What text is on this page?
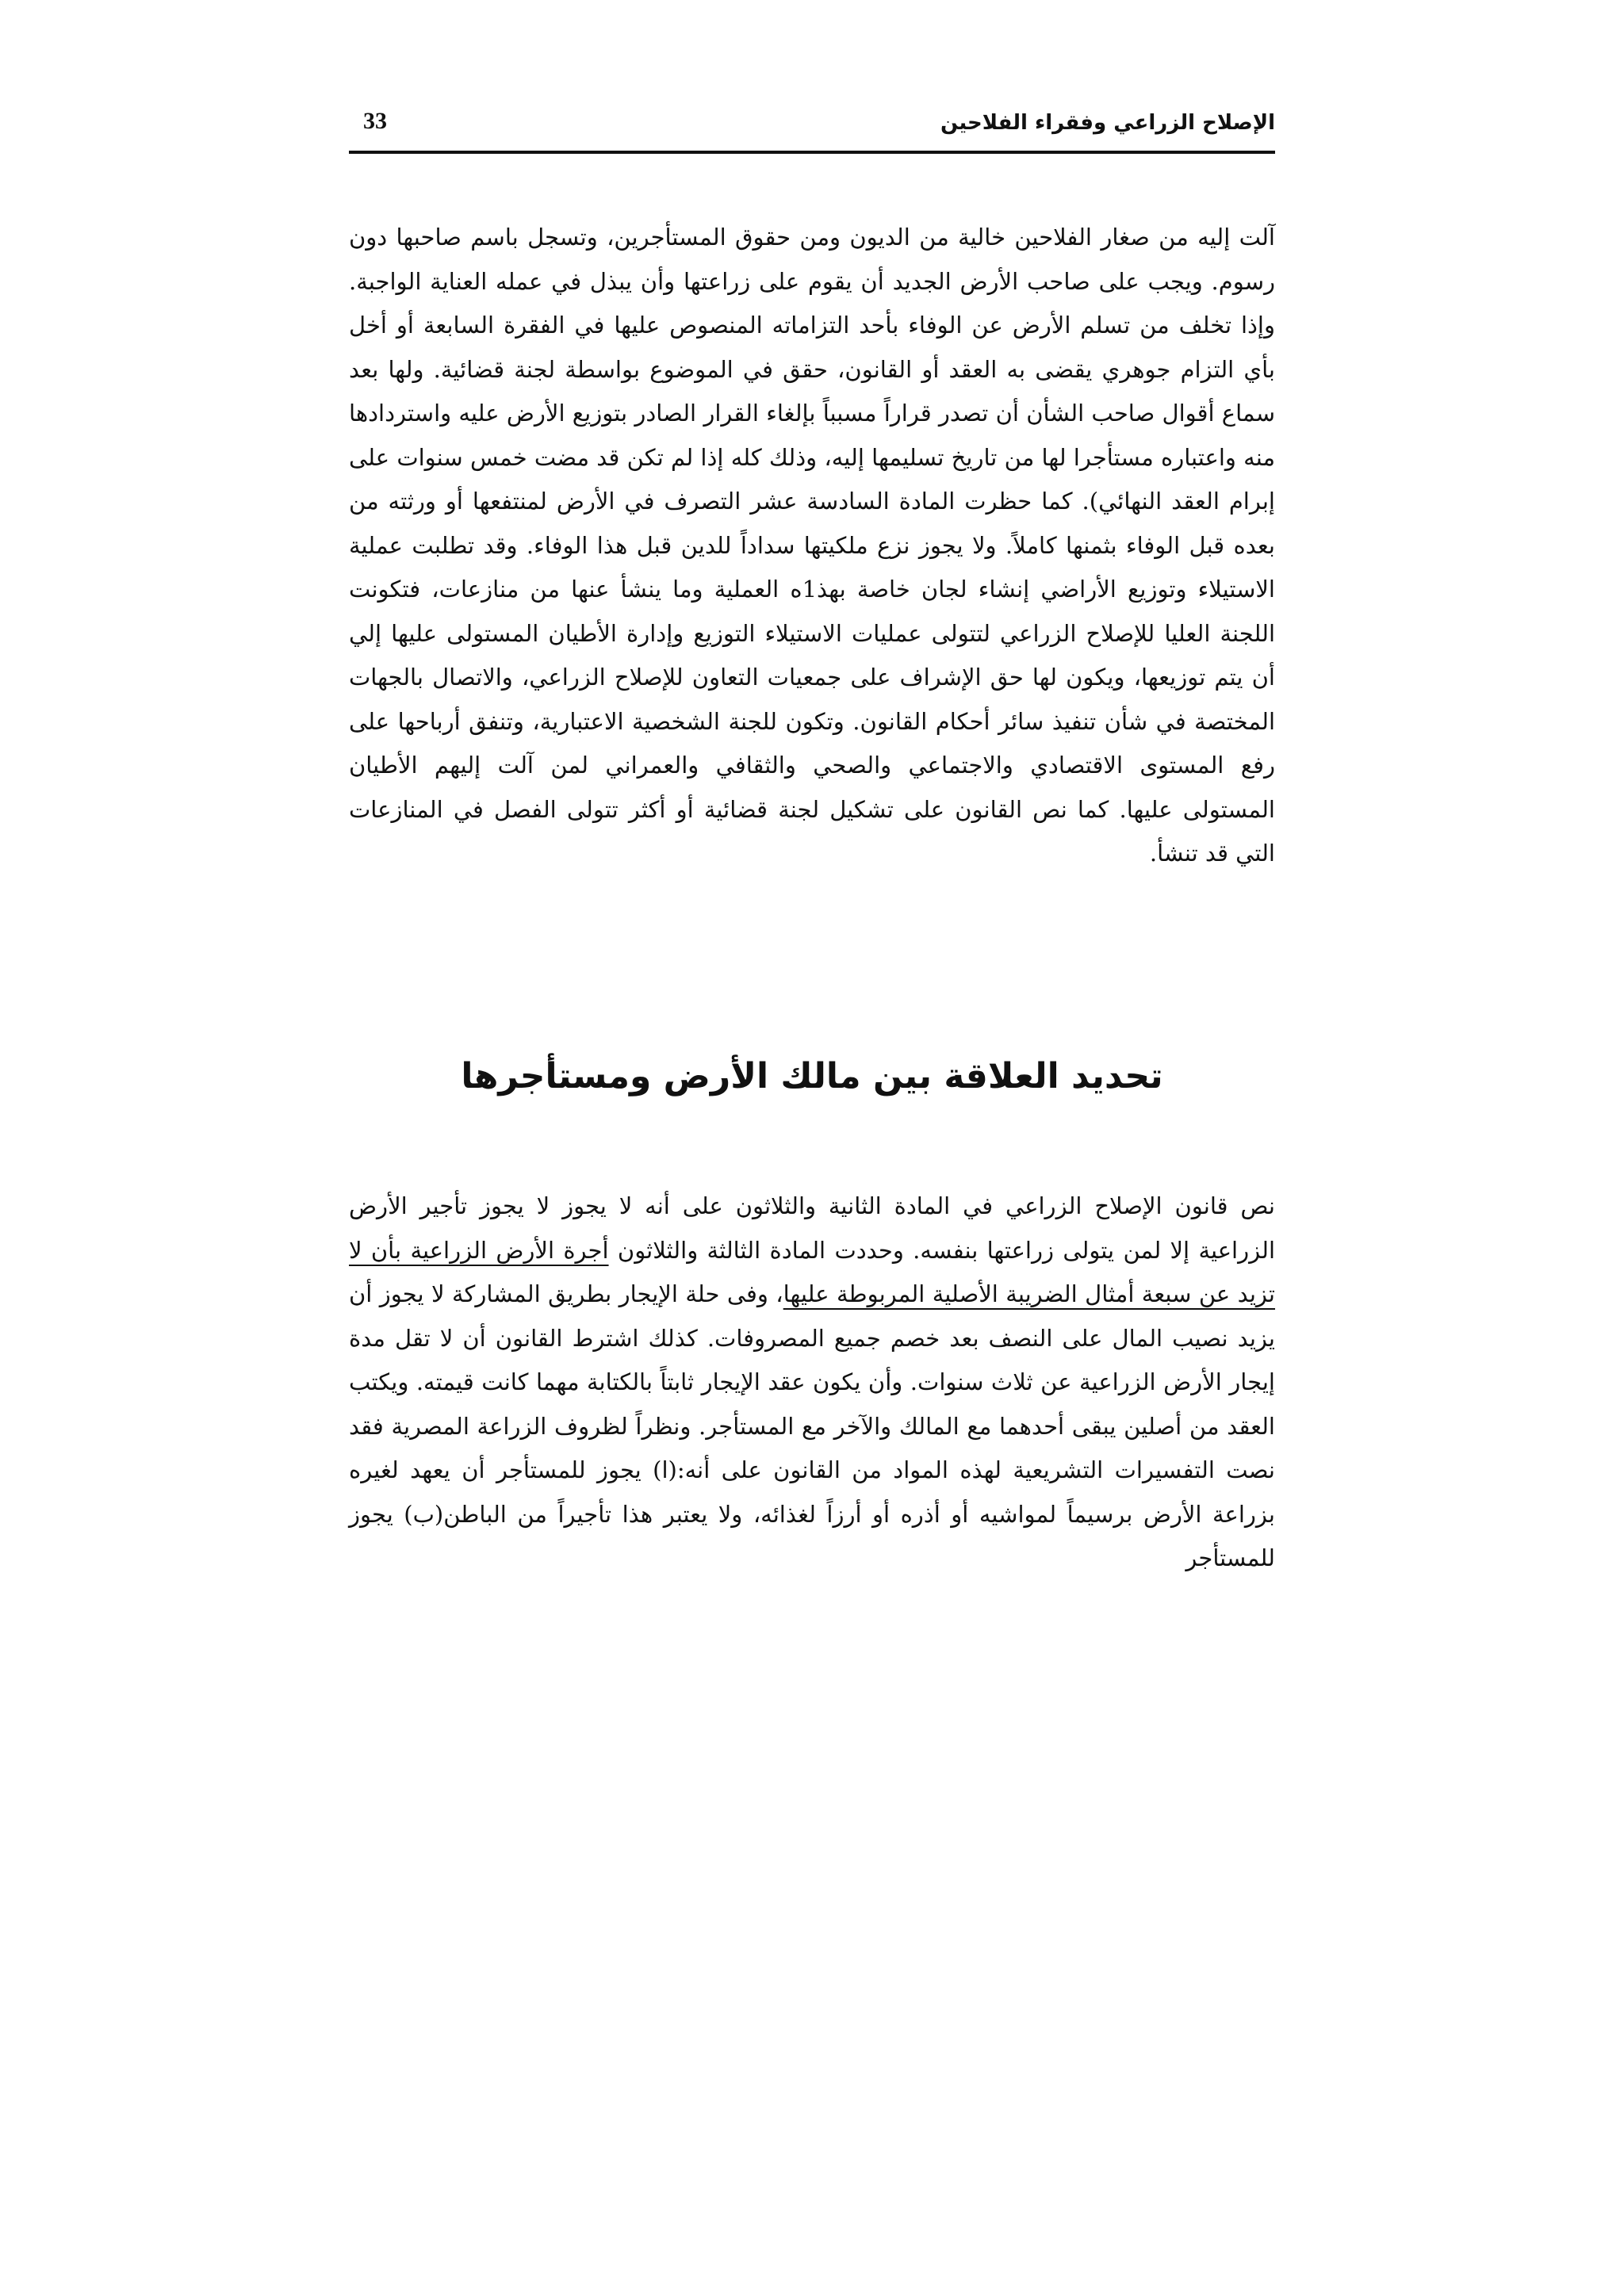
الإصلاح الزراعي وفقراء الفلاحين
33

آلت إليه من صغار الفلاحين خالية من الديون ومن حقوق المستأجرين، وتسجل باسم صاحبها دون رسوم. ويجب على صاحب الأرض الجديد أن يقوم على زراعتها وأن يبذل في عمله العناية الواجبة. وإذا تخلف من تسلم الأرض عن الوفاء بأحد التزاماته المنصوص عليها في الفقرة السابعة أو أخل بأي التزام جوهري يقضى به العقد أو القانون، حقق في الموضوع بواسطة لجنة قضائية. ولها بعد سماع أقوال صاحب الشأن أن تصدر قراراً مسبباً بإلغاء القرار الصادر بتوزيع الأرض عليه واستردادها منه واعتباره مستأجرا لها من تاريخ تسليمها إليه، وذلك كله إذا لم تكن قد مضت خمس سنوات على إبرام العقد النهائي). كما حظرت المادة السادسة عشر التصرف في الأرض لمنتفعها أو ورثته من بعده قبل الوفاء بثمنها كاملاً. ولا يجوز نزع ملكيتها سداداً للدين قبل هذا الوفاء. وقد تطلبت عملية الاستيلاء وتوزيع الأراضي إنشاء لجان خاصة بهذ1ه العملية وما ينشأ عنها من منازعات، فتكونت اللجنة العليا للإصلاح الزراعي لتتولى عمليات الاستيلاء التوزيع وإدارة الأطيان المستولى عليها إلي أن يتم توزيعها، ويكون لها حق الإشراف على جمعيات التعاون للإصلاح الزراعي، والاتصال بالجهات المختصة في شأن تنفيذ سائر أحكام القانون. وتكون للجنة الشخصية الاعتبارية، وتنفق أرباحها على رفع المستوى الاقتصادي والاجتماعي والصحي والثقافي والعمراني لمن آلت إليهم الأطيان المستولى عليها. كما نص القانون على تشكيل لجنة قضائية أو أكثر تتولى الفصل في المنازعات التي قد تنشأ.

تحديد العلاقة بين مالك الأرض ومستأجرها

نص قانون الإصلاح الزراعي في المادة الثانية والثلاثون على أنه لا يجوز لا يجوز تأجير الأرض الزراعية إلا لمن يتولى زراعتها بنفسه. وحددت المادة الثالثة والثلاثون أجرة الأرض الزراعية بأن لا تزيد عن سبعة أمثال الضريبة الأصلية المربوطة عليها، وفى حلة الإيجار بطريق المشاركة لا يجوز أن يزيد نصيب المال على النصف بعد خصم جميع المصروفات. كذلك اشترط القانون أن لا تقل مدة إيجار الأرض الزراعية عن ثلاث سنوات. وأن يكون عقد الإيجار ثابتاً بالكتابة مهما كانت قيمته. ويكتب العقد من أصلين يبقى أحدهما مع المالك والآخر مع المستأجر. ونظراً لظروف الزراعة المصرية فقد نصت التفسيرات التشريعية لهذه المواد من القانون على أنه:(ا) يجوز للمستأجر أن يعهد لغيره بزراعة الأرض برسيماً لمواشيه أو أذره أو أرزاً لغذائه، ولا يعتبر هذا تأجيراً من الباطن(ب) يجوز للمستأجر
